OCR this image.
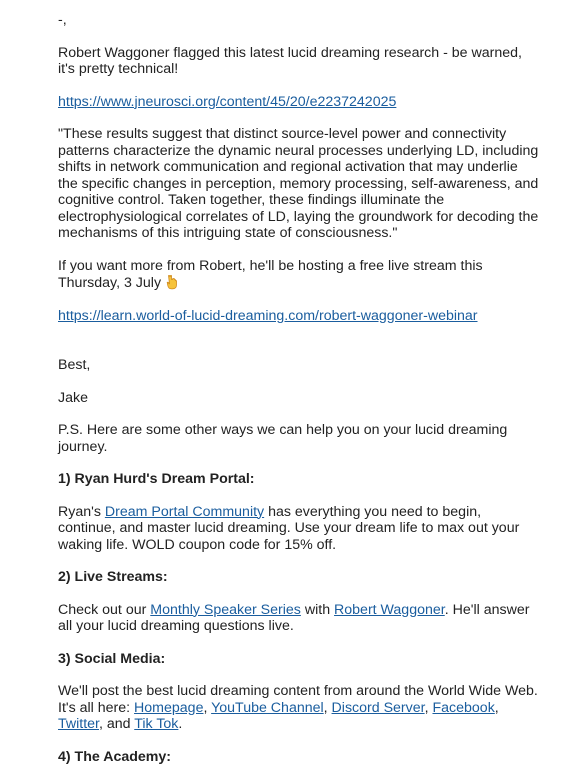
-,

Robert Waggoner flagged this latest lucid dreaming research - be warned, it's pretty technical!

https://www.jneurosci.org/content/45/20/e2237242025

"These results suggest that distinct source-level power and connectivity patterns characterize the dynamic neural processes underlying LD, including shifts in network communication and regional activation that may underlie the specific changes in perception, memory processing, self-awareness, and cognitive control. Taken together, these findings illuminate the electrophysiological correlates of LD, laying the groundwork for decoding the mechanisms of this intriguing state of consciousness."

If you want more from Robert, he'll be hosting a free live stream this Thursday, 3 July

https://learn.world-of-lucid-dreaming.com/robert-waggoner-webinar

Best,

Jake

P.S. Here are some other ways we can help you on your lucid dreaming journey.

1) Ryan Hurd's Dream Portal:

Ryan's Dream Portal Community has everything you need to begin, continue, and master lucid dreaming. Use your dream life to max out your waking life. WOLD coupon code for 15% off.

2) Live Streams:

Check out our Monthly Speaker Series with Robert Waggoner. He'll answer all your lucid dreaming questions live.

3) Social Media:

We'll post the best lucid dreaming content from around the World Wide Web. It's all here: Homepage, YouTube Channel, Discord Server, Facebook, Twitter, and Tik Tok.

4) The Academy:
